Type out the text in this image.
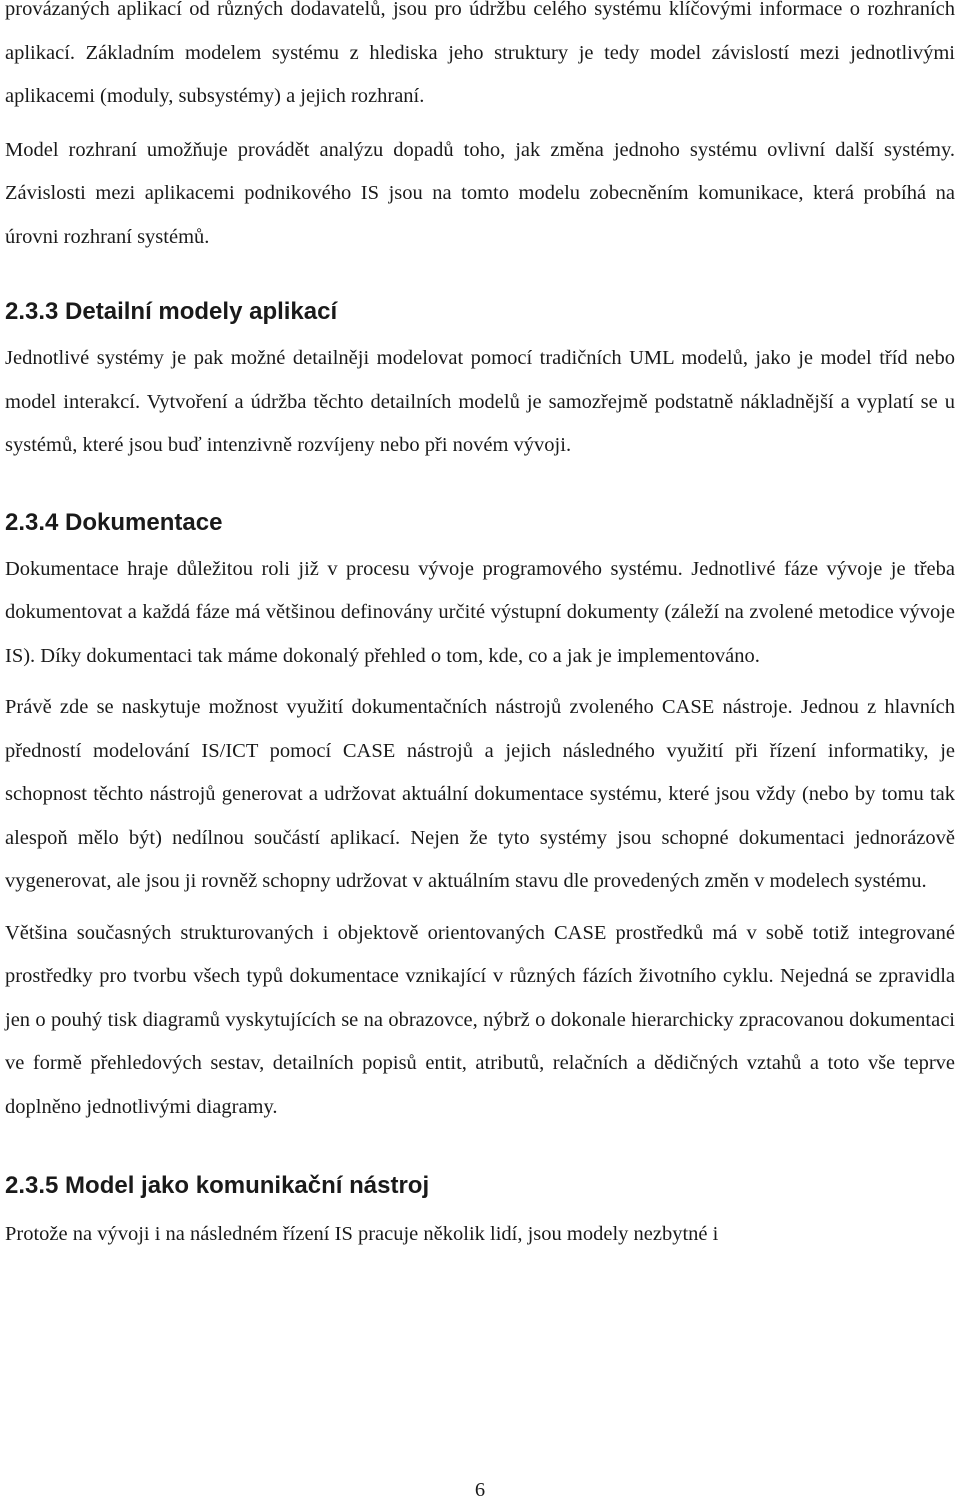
provázaných aplikací od různých dodavatelů, jsou pro údržbu celého systému klíčovými informace o rozhraních aplikací. Základním modelem systému z hlediska jeho struktury je tedy model závislostí mezi jednotlivými aplikacemi (moduly, subsystémy) a jejich rozhraní.

Model rozhraní umožňuje provádět analýzu dopadů toho, jak změna jednoho systému ovlivní další systémy. Závislosti mezi aplikacemi podnikového IS jsou na tomto modelu zobecněním komunikace, která probíhá na úrovni rozhraní systémů.

2.3.3 Detailní modely aplikací

Jednotlivé systémy je pak možné detailněji modelovat pomocí tradičních UML modelů, jako je model tříd nebo model interakcí. Vytvoření a údržba těchto detailních modelů je samozřejmě podstatně nákladnější a vyplatí se u systémů, které jsou buď intenzivně rozvíjeny nebo při novém vývoji.

2.3.4 Dokumentace

Dokumentace hraje důležitou roli již v procesu vývoje programového systému. Jednotlivé fáze vývoje je třeba dokumentovat a každá fáze má většinou definovány určité výstupní dokumenty (záleží na zvolené metodice vývoje IS). Díky dokumentaci tak máme dokonalý přehled o tom, kde, co a jak je implementováno.

Právě zde se naskytuje možnost využití dokumentačních nástrojů zvoleného CASE nástroje. Jednou z hlavních předností modelování IS/ICT pomocí CASE nástrojů a jejich následného využití při řízení informatiky, je schopnost těchto nástrojů generovat a udržovat aktuální dokumentace systému, které jsou vždy (nebo by tomu tak alespoň mělo být) nedílnou součástí aplikací. Nejen že tyto systémy jsou schopné dokumentaci jednorázově vygenerovat, ale jsou ji rovněž schopny udržovat v aktuálním stavu dle provedených změn v modelech systému.

Většina současných strukturovaných i objektově orientovaných CASE prostředků má v sobě totiž integrované prostředky pro tvorbu všech typů dokumentace vznikající v různých fázích životního cyklu. Nejedná se zpravidla jen o pouhý tisk diagramů vyskytujících se na obrazovce, nýbrž o dokonale hierarchicky zpracovanou dokumentaci ve formě přehledových sestav, detailních popisů entit, atributů, relačních a dědičných vztahů a toto vše teprve doplněno jednotlivými diagramy.

2.3.5 Model jako komunikační nástroj

Protože na vývoji i na následném řízení IS pracuje několik lidí, jsou modely nezbytné i

6
